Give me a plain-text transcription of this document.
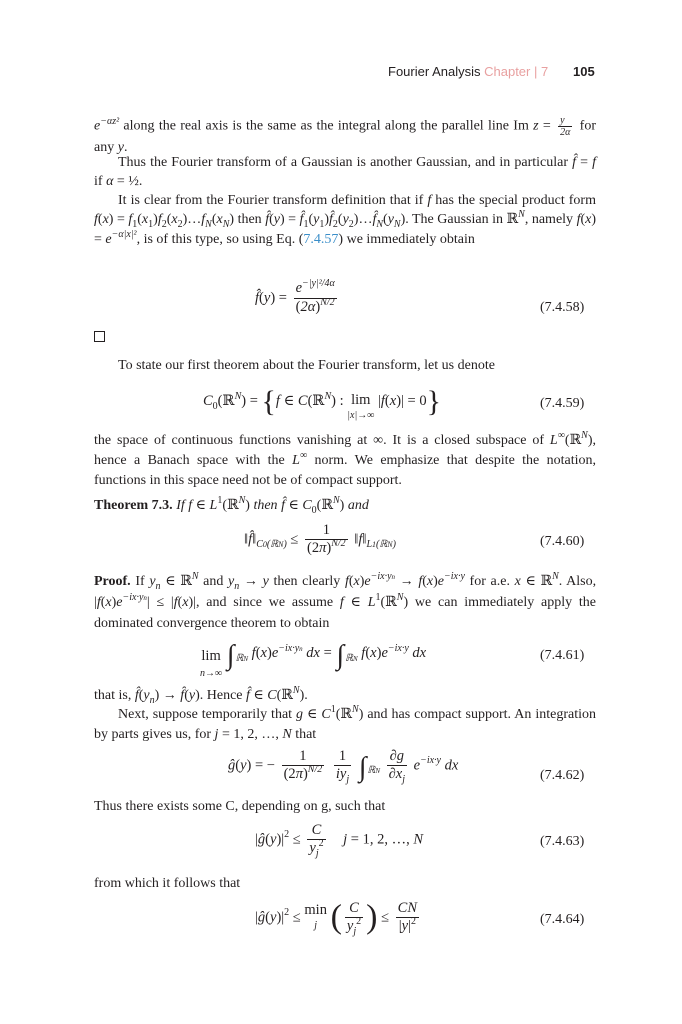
Fourier Analysis Chapter | 7 105
$e^{-\alpha z^2}$ along the real axis is the same as the integral along the parallel line Im $z = \frac{y}{2\alpha}$ for any y.
Thus the Fourier transform of a Gaussian is another Gaussian, and in particular f̂ = f if α = ½.
It is clear from the Fourier transform definition that if f has the special product form $f(x) = f_1(x_1)f_2(x_2)\dots f_N(x_N)$ then f̂(y) = $f̂_1(y_1)f̂_2(y_2)\dots f̂_N(y_N)$. The Gaussian in ℝ$^N$, namely $f(x) = e^{-\alpha|x|^2}$, is of this type, so using Eq. (7.4.57) we immediately obtain
f̂(y) = $\frac{e^{-|y|^2/4\alpha}}{(2\alpha)^{N/2}}$	(7.4.58)
To state our first theorem about the Fourier transform, let us denote
$C_0(ℝ^N) = \{f$ ∈ C(ℝ$^N$) : lim
|x|→∞ |f(x)| = 0}	(7.4.59)
the space of continuous functions vanishing at ∞. It is a closed subspace of L∞(ℝ$^N$), hence a Banach space with the L∞ norm. We emphasize that despite the notation, functions in this space need not be of compact support.
Theorem 7.3. If f ∈ $L^1(ℝ^N)$ then f̂ ∈ $C_0(ℝ^N)$ and
$‖f̂‖_{C0(ℝN)} \le \frac{1}{(2\pi)^{N/2}}$ $‖f‖_{L1(ℝN)}$	(7.4.60)
Proof. If $y_n$ ∈ ℝ$^N$ and $y_n \to y$ then clearly $f(x)e^{-ix\cdot yn} \to f(x)e^{-ix\cdot y}$ for a.e. x ∈ ℝ$^N$. Also, $|f(x)e^{-ix\cdot yn}| \le |f(x)|$, and since we assume f ∈ $L^1(ℝ^N)$ we can immediately apply the dominated convergence theorem to obtain
lim
n→∞ $\int_{ℝN}$ $f(x)e^{-ix\cdot yn}$ dx = $\int_{ℝN}$ $f(x)e^{-ix\cdot y}$ dx	(7.4.61)
that is, $f̂(y_n)$ → f̂(y). Hence f̂ ∈ C(ℝ$^N$).
Next, suppose temporarily that g ∈ $C^1(ℝ^N)$ and has compact support. An integration by parts gives us, for j = 1, 2, …, N that
ĝ(y) = − $\frac{1}{(2\pi)^{N/2}}$
$\frac{1}{iy_j} \int_{ℝN} \frac{\partial g}{\partial x_j} e^{-ix\cdot y}$ dx
(7.4.62)
Thus there exists some C, depending on g, such that
$|ĝ(y)|^2 \le \frac{C}{y_j^2}$ j = 1, 2, …, N	(7.4.63)
from which it follows that
$|ĝ(y)|^2 \le \min$
j ( $\frac{C}{y_j^2}$ ) ≤ $\frac{CN}{|y|^2}$	(7.4.64)
